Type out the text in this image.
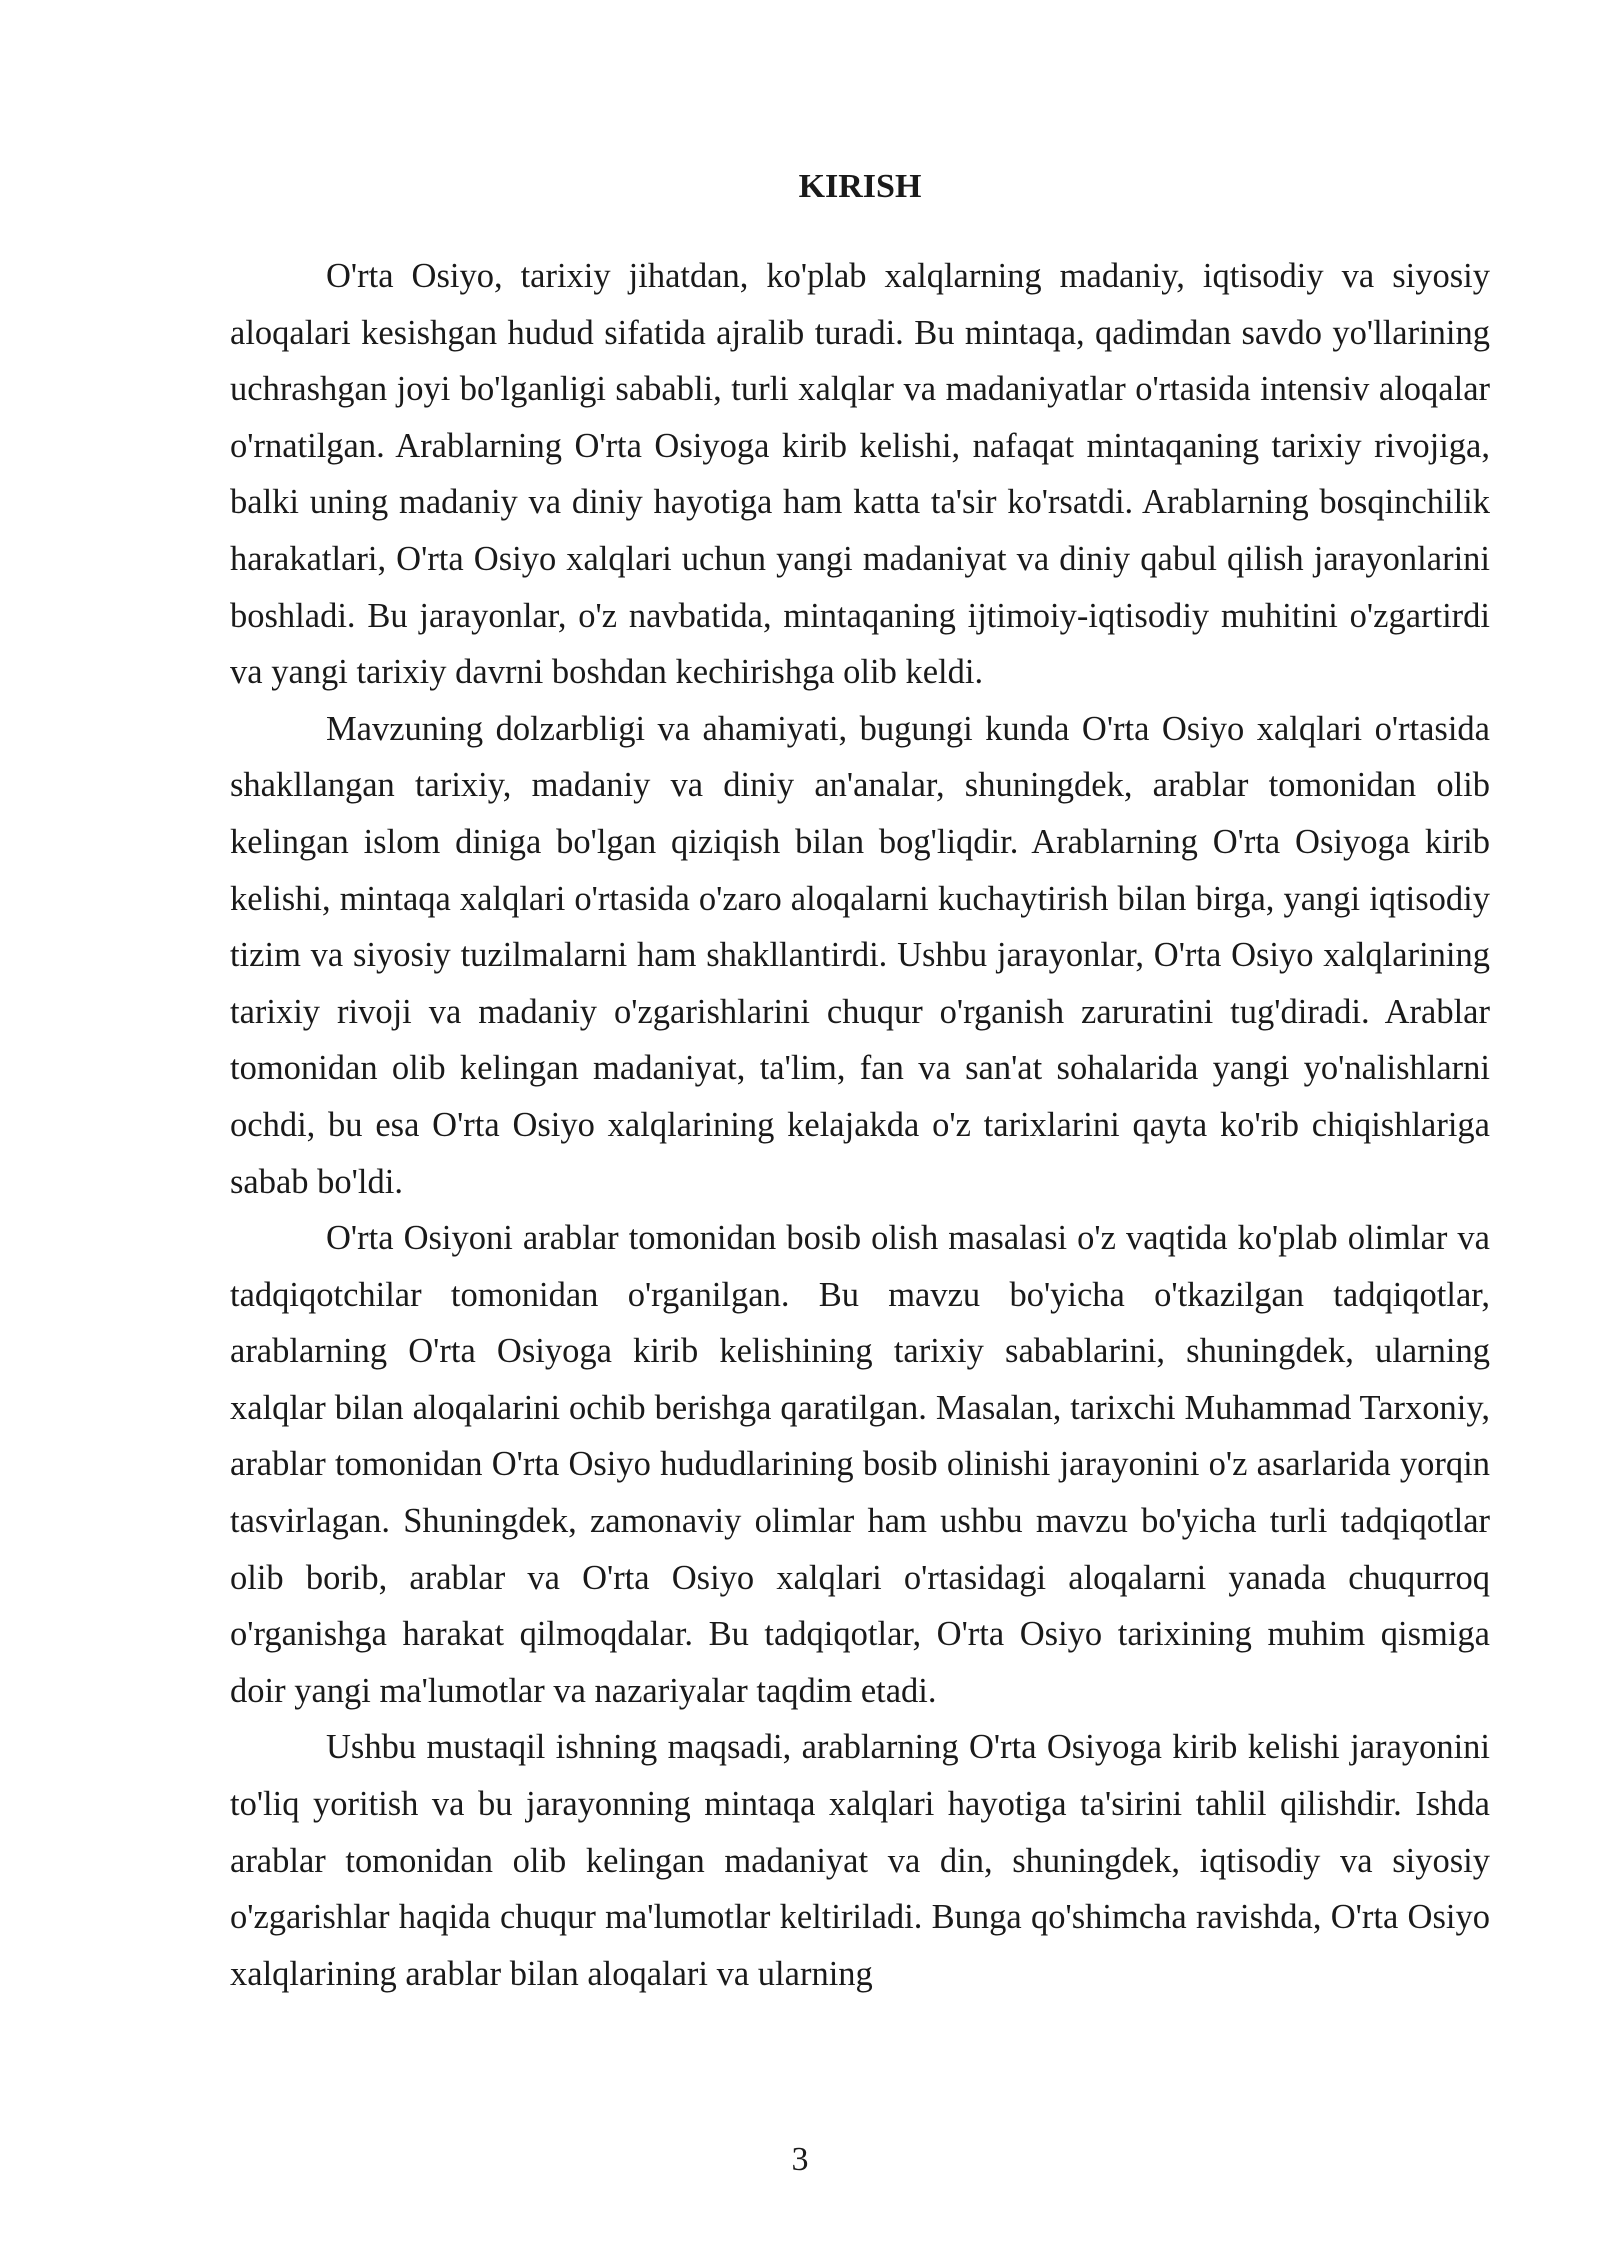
KIRISH

O'rta Osiyo, tarixiy jihatdan, ko'plab xalqlarning madaniy, iqtisodiy va siyosiy aloqalari kesishgan hudud sifatida ajralib turadi. Bu mintaqa, qadimdan savdo yo'llarining uchrashgan joyi bo'lganligi sababli, turli xalqlar va madaniyatlar o'rtasida intensiv aloqalar o'rnatilgan. Arablarning O'rta Osiyoga kirib kelishi, nafaqat mintaqaning tarixiy rivojiga, balki uning madaniy va diniy hayotiga ham katta ta'sir ko'rsatdi. Arablarning bosqinchilik harakatlari, O'rta Osiyo xalqlari uchun yangi madaniyat va diniy qabul qilish jarayonlarini boshladi. Bu jarayonlar, o'z navbatida, mintaqaning ijtimoiy-iqtisodiy muhitini o'zgartirdi va yangi tarixiy davrni boshdan kechirishga olib keldi.

Mavzuning dolzarbligi va ahamiyati, bugungi kunda O'rta Osiyo xalqlari o'rtasida shakllangan tarixiy, madaniy va diniy an'analar, shuningdek, arablar tomonidan olib kelingan islom diniga bo'lgan qiziqish bilan bog'liqdir. Arablarning O'rta Osiyoga kirib kelishi, mintaqa xalqlari o'rtasida o'zaro aloqalarni kuchaytirish bilan birga, yangi iqtisodiy tizim va siyosiy tuzilmalarni ham shakllantirdi. Ushbu jarayonlar, O'rta Osiyo xalqlarining tarixiy rivoji va madaniy o'zgarishlarini chuqur o'rganish zaruratini tug'diradi. Arablar tomonidan olib kelingan madaniyat, ta'lim, fan va san'at sohalarida yangi yo'nalishlarni ochdi, bu esa O'rta Osiyo xalqlarining kelajakda o'z tarixlarini qayta ko'rib chiqishlariga sabab bo'ldi.

O'rta Osiyoni arablar tomonidan bosib olish masalasi o'z vaqtida ko'plab olimlar va tadqiqotchilar tomonidan o'rganilgan. Bu mavzu bo'yicha o'tkazilgan tadqiqotlar, arablarning O'rta Osiyoga kirib kelishining tarixiy sabablarini, shuningdek, ularning xalqlar bilan aloqalarini ochib berishga qaratilgan. Masalan, tarixchi Muhammad Tarxoniy, arablar tomonidan O'rta Osiyo hududlarining bosib olinishi jarayonini o'z asarlarida yorqin tasvirlagan. Shuningdek, zamonaviy olimlar ham ushbu mavzu bo'yicha turli tadqiqotlar olib borib, arablar va O'rta Osiyo xalqlari o'rtasidagi aloqalarni yanada chuqurroq o'rganishga harakat qilmoqdalar. Bu tadqiqotlar, O'rta Osiyo tarixining muhim qismiga doir yangi ma'lumotlar va nazariyalar taqdim etadi.

Ushbu mustaqil ishning maqsadi, arablarning O'rta Osiyoga kirib kelishi jarayonini to'liq yoritish va bu jarayonning mintaqa xalqlari hayotiga ta'sirini tahlil qilishdir. Ishda arablar tomonidan olib kelingan madaniyat va din, shuningdek, iqtisodiy va siyosiy o'zgarishlar haqida chuqur ma'lumotlar keltiriladi. Bunga qo'shimcha ravishda, O'rta Osiyo xalqlarining arablar bilan aloqalari va ularning

3
